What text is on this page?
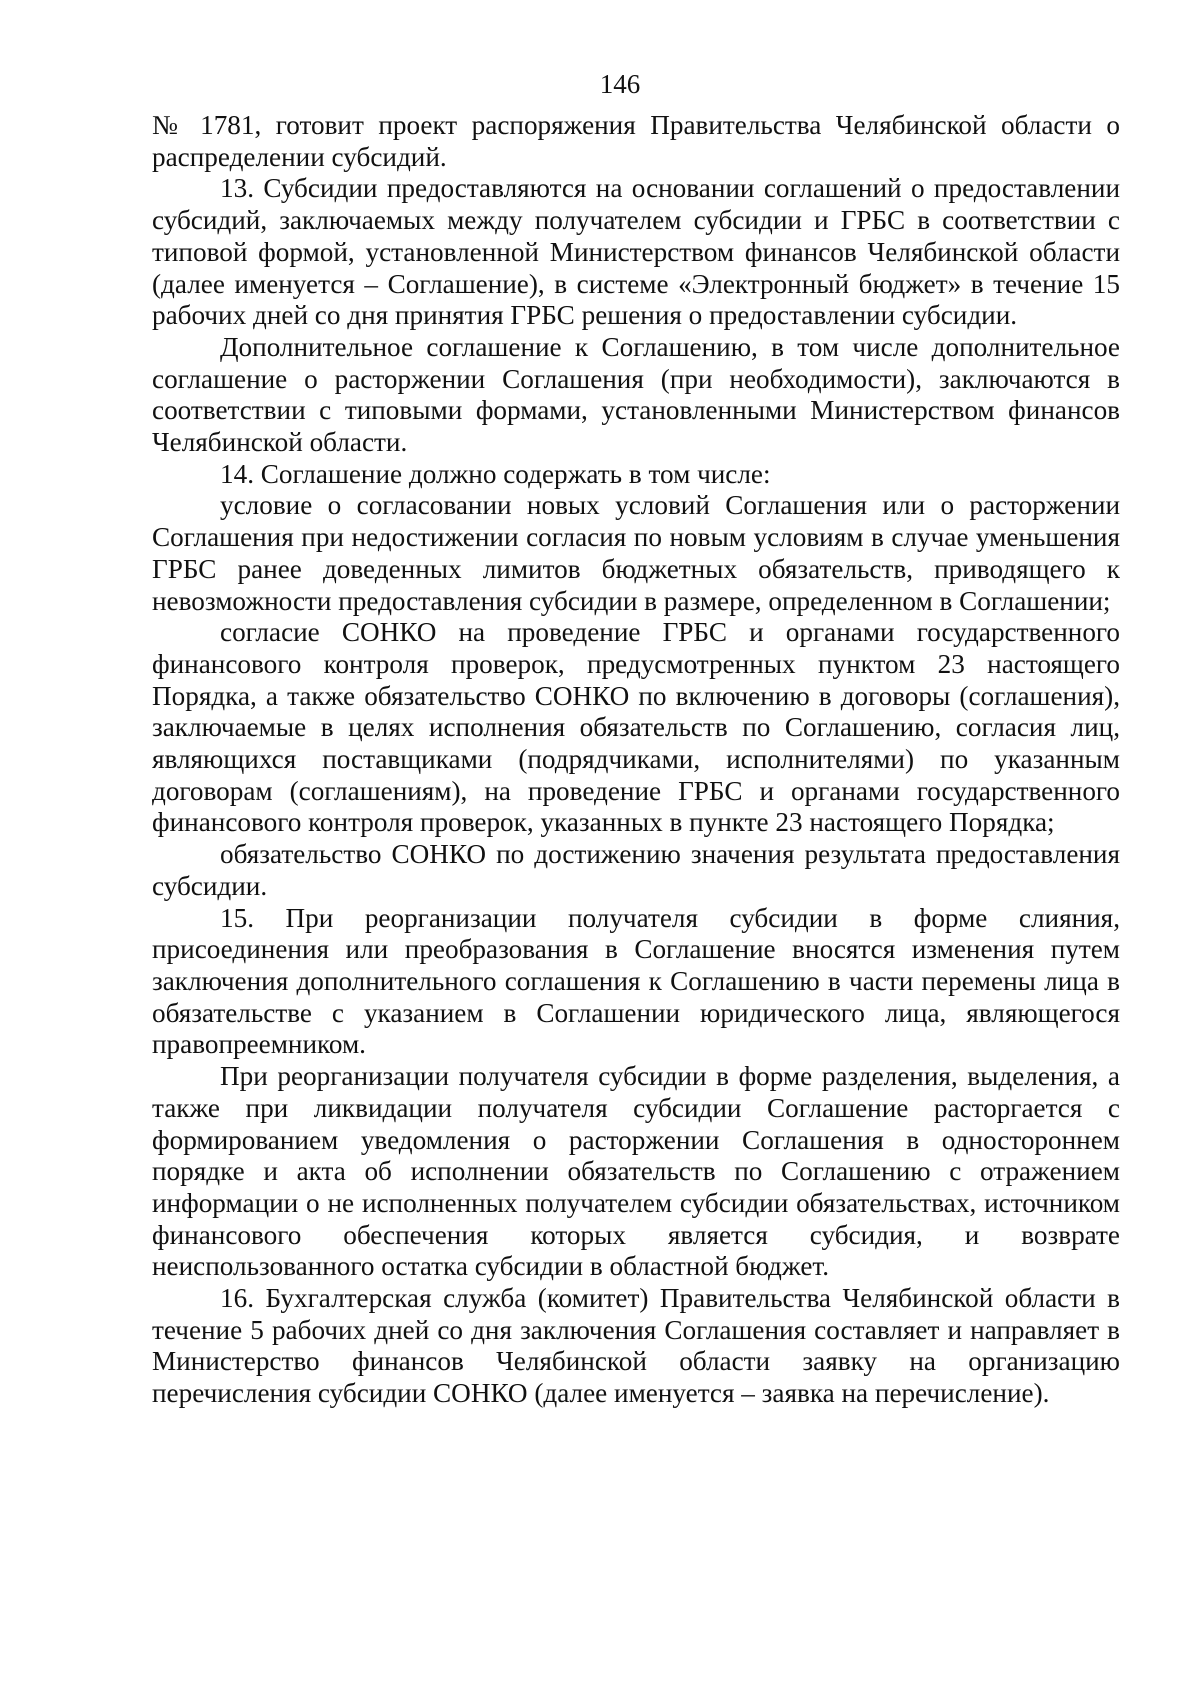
146

№ 1781, готовит проект распоряжения Правительства Челябинской области о распределении субсидий.

13. Субсидии предоставляются на основании соглашений о предоставлении субсидий, заключаемых между получателем субсидии и ГРБС в соответствии с типовой формой, установленной Министерством финансов Челябинской области (далее именуется – Соглашение), в системе «Электронный бюджет» в течение 15 рабочих дней со дня принятия ГРБС решения о предоставлении субсидии.

Дополнительное соглашение к Соглашению, в том числе дополнительное соглашение о расторжении Соглашения (при необходимости), заключаются в соответствии с типовыми формами, установленными Министерством финансов Челябинской области.

14. Соглашение должно содержать в том числе:

условие о согласовании новых условий Соглашения или о расторжении Соглашения при недостижении согласия по новым условиям в случае уменьшения ГРБС ранее доведенных лимитов бюджетных обязательств, приводящего к невозможности предоставления субсидии в размере, определенном в Соглашении;

согласие СОНКО на проведение ГРБС и органами государственного финансового контроля проверок, предусмотренных пунктом 23 настоящего Порядка, а также обязательство СОНКО по включению в договоры (соглашения), заключаемые в целях исполнения обязательств по Соглашению, согласия лиц, являющихся поставщиками (подрядчиками, исполнителями) по указанным договорам (соглашениям), на проведение ГРБС и органами государственного финансового контроля проверок, указанных в пункте 23 настоящего Порядка;

обязательство СОНКО по достижению значения результата предоставления субсидии.

15. При реорганизации получателя субсидии в форме слияния, присоединения или преобразования в Соглашение вносятся изменения путем заключения дополнительного соглашения к Соглашению в части перемены лица в обязательстве с указанием в Соглашении юридического лица, являющегося правопреемником.

При реорганизации получателя субсидии в форме разделения, выделения, а также при ликвидации получателя субсидии Соглашение расторгается с формированием уведомления о расторжении Соглашения в одностороннем порядке и акта об исполнении обязательств по Соглашению с отражением информации о не исполненных получателем субсидии обязательствах, источником финансового обеспечения которых является субсидия, и возврате неиспользованного остатка субсидии в областной бюджет.

16. Бухгалтерская служба (комитет) Правительства Челябинской области в течение 5 рабочих дней со дня заключения Соглашения составляет и направляет в Министерство финансов Челябинской области заявку на организацию перечисления субсидии СОНКО (далее именуется – заявка на перечисление).
